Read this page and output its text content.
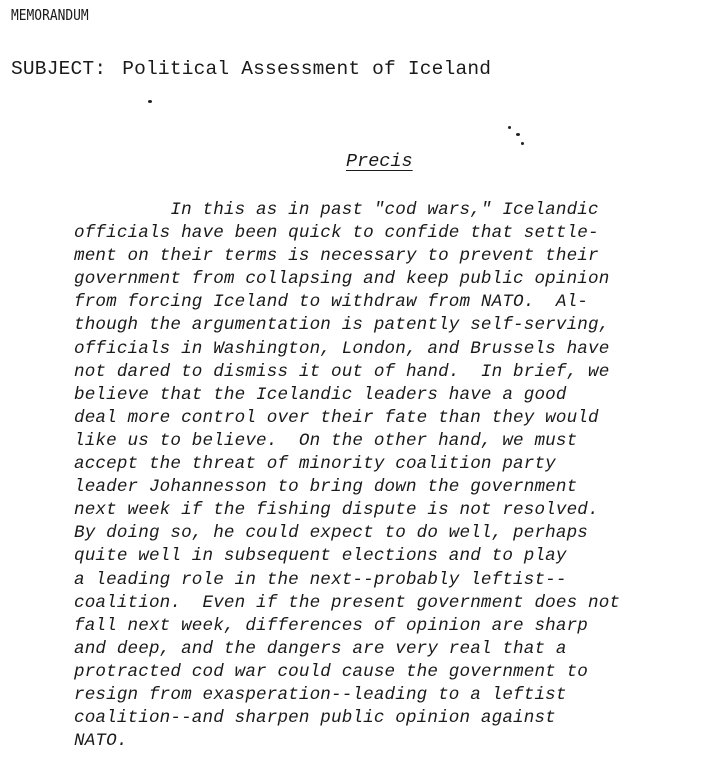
MEMORANDUM
SUBJECT: Political Assessment of Iceland
Precis
In this as in past "cod wars," Icelandic
officials have been quick to confide that settle-
ment on their terms is necessary to prevent their
government from collapsing and keep public opinion
from forcing Iceland to withdraw from NATO.  Al-
though the argumentation is patently self-serving,
officials in Washington, London, and Brussels have
not dared to dismiss it out of hand.  In brief, we
believe that the Icelandic leaders have a good
deal more control over their fate than they would
like us to believe.  On the other hand, we must
accept the threat of minority coalition party
leader Johannesson to bring down the government
next week if the fishing dispute is not resolved.
By doing so, he could expect to do well, perhaps
quite well in subsequent elections and to play
a leading role in the next--probably leftist--
coalition.  Even if the present government does not
fall next week, differences of opinion are sharp
and deep, and the dangers are very real that a
protracted cod war could cause the government to
resign from exasperation--leading to a leftist
coalition--and sharpen public opinion against
NATO.
